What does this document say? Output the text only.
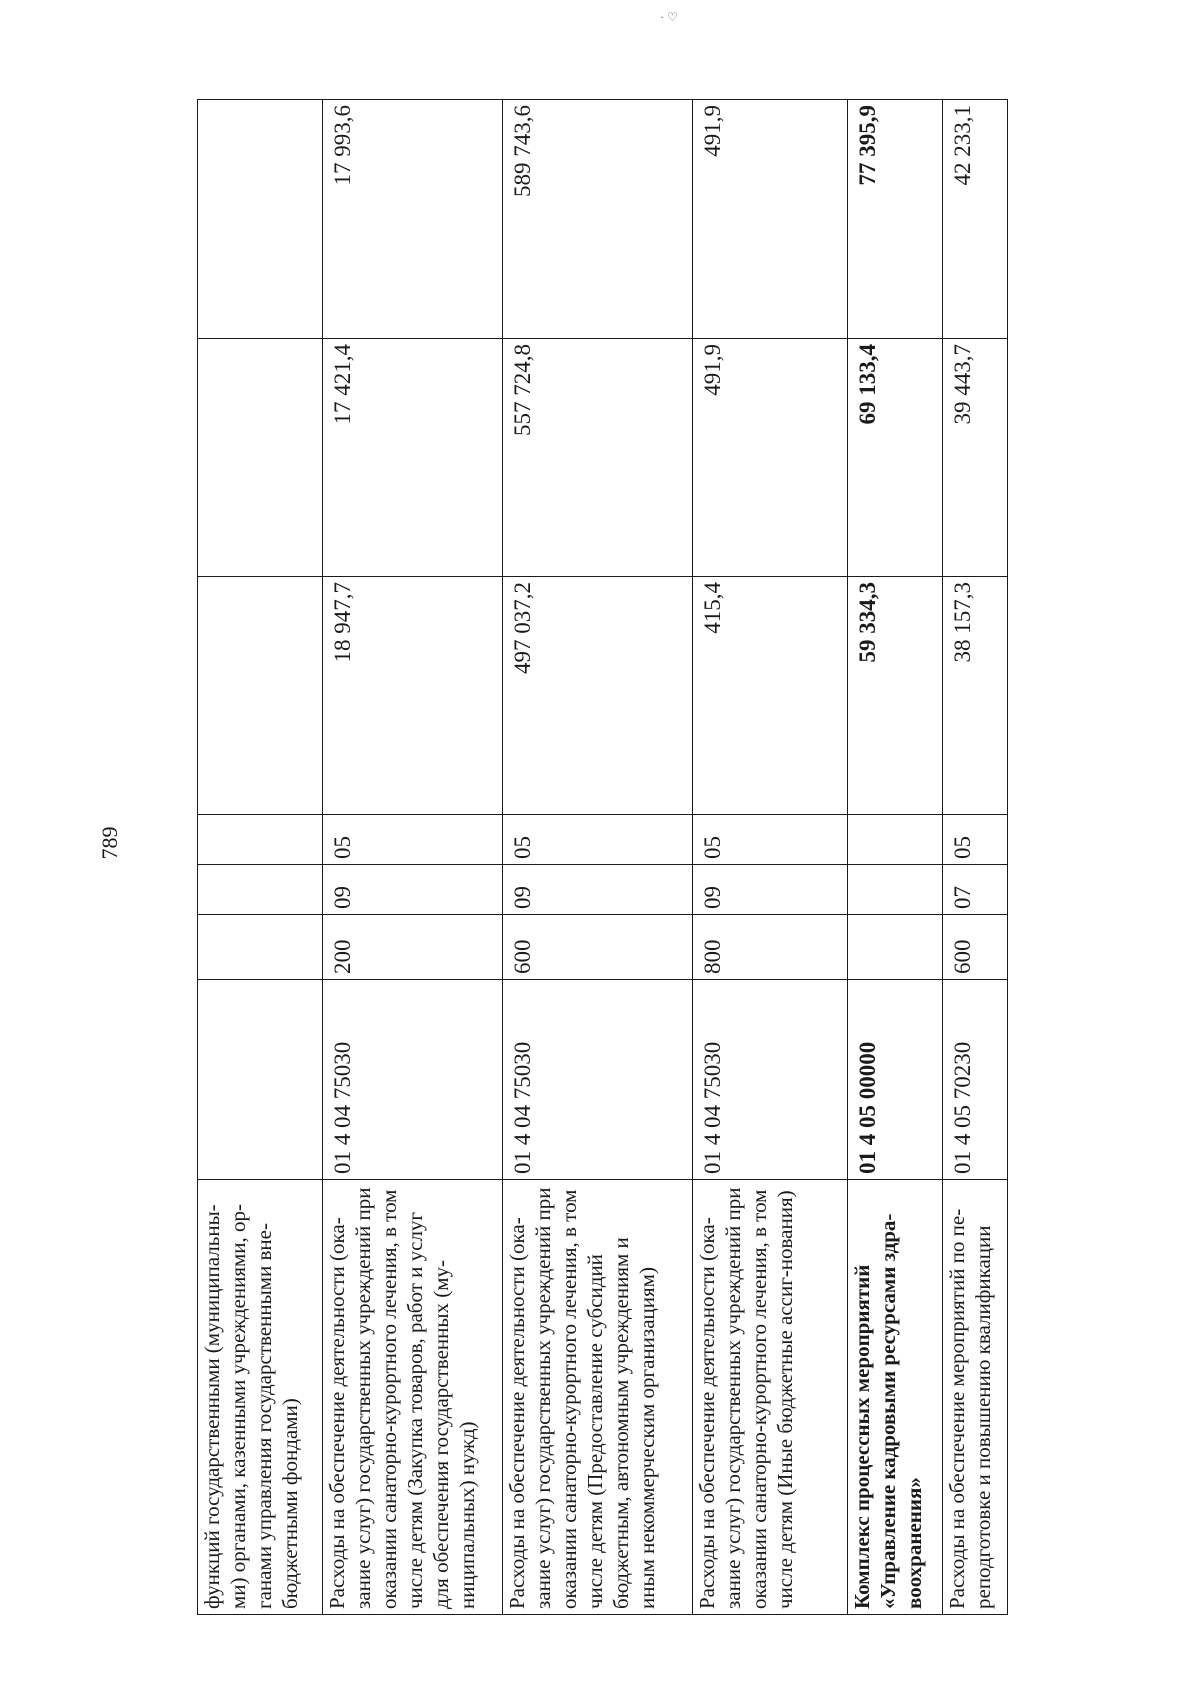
· ♡
789
функций государственными (муниципальны-ми) органами, казенными учреждениями, ор-ганами управления государственными вне-бюджетными фондами)							
Расходы на обеспечение деятельности (ока-зание услуг) государственных учреждений при оказании санаторно-курортного лечения, в том числе детям (Закупка товаров, работ и услуг для обеспечения государственных (му-ниципальных) нужд)	01 4 04 75030	200	09	05	18 947,7	17 421,4	17 993,6
Расходы на обеспечение деятельности (ока-зание услуг) государственных учреждений при оказании санаторно-курортного лечения, в том числе детям (Предоставление субсидий бюджетным, автономным учреждениям и иным некоммерческим организациям)	01 4 04 75030	600	09	05	497 037,2	557 724,8	589 743,6
Расходы на обеспечение деятельности (ока-зание услуг) государственных учреждений при оказании санаторно-курортного лечения, в том числе детям (Иные бюджетные ассиг-нования)	01 4 04 75030	800	09	05	415,4	491,9	491,9
Комплекс процессных мероприятий «Управление кадровыми ресурсами здра-воохранения»	01 4 05 00000				59 334,3	69 133,4	77 395,9
Расходы на обеспечение мероприятий по пе-реподготовке и повышению квалификации	01 4 05 70230	600	07	05	38 157,3	39 443,7	42 233,1
